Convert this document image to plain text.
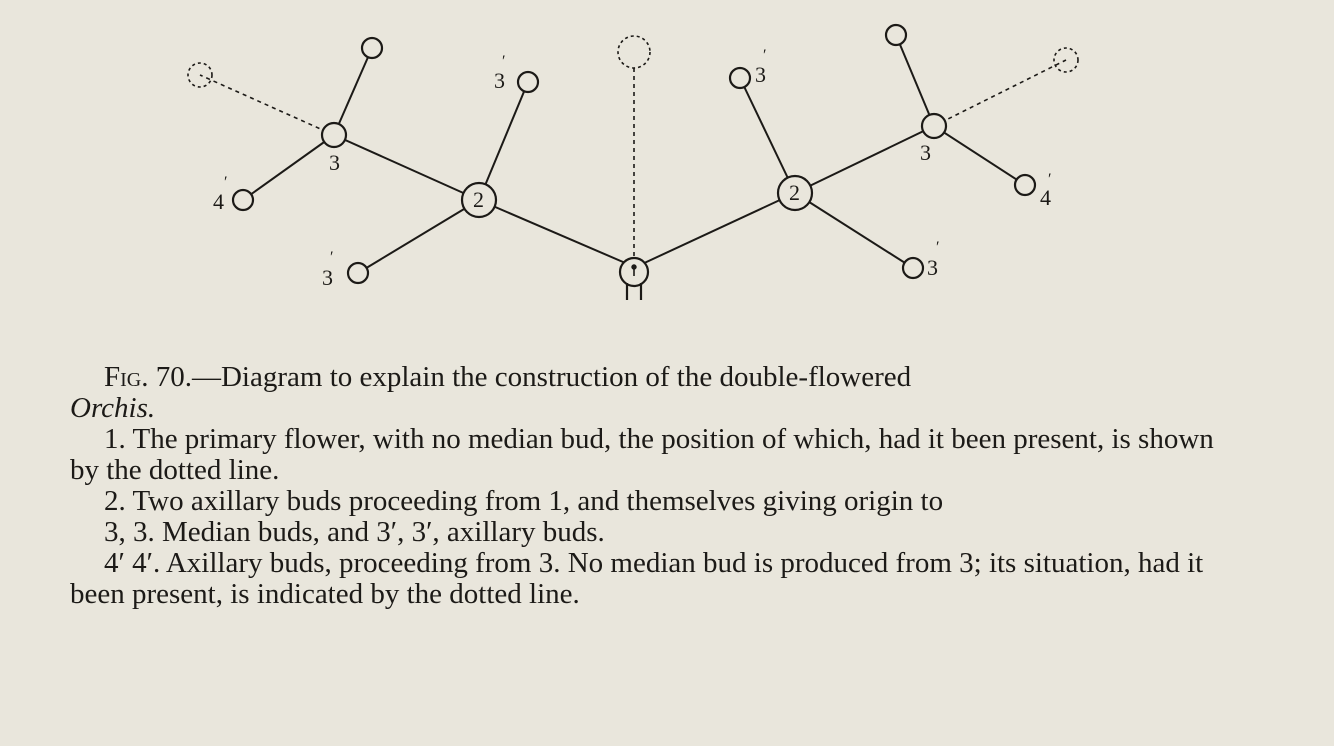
2	2
3	3
3
′
3
′
3
′
3
′
4
′
4
′

Fig. 70.—Diagram to explain the construction of the double-flowered

Orchis.

1. The primary flower, with no median bud, the position of which, had it been present, is shown by the dotted line.

2. Two axillary buds proceeding from 1, and themselves giving origin to

3, 3. Median buds, and 3′, 3′, axillary buds.

4′ 4′. Axillary buds, proceeding from 3. No median bud is produced from 3; its situation, had it been present, is indicated by the dotted line.
